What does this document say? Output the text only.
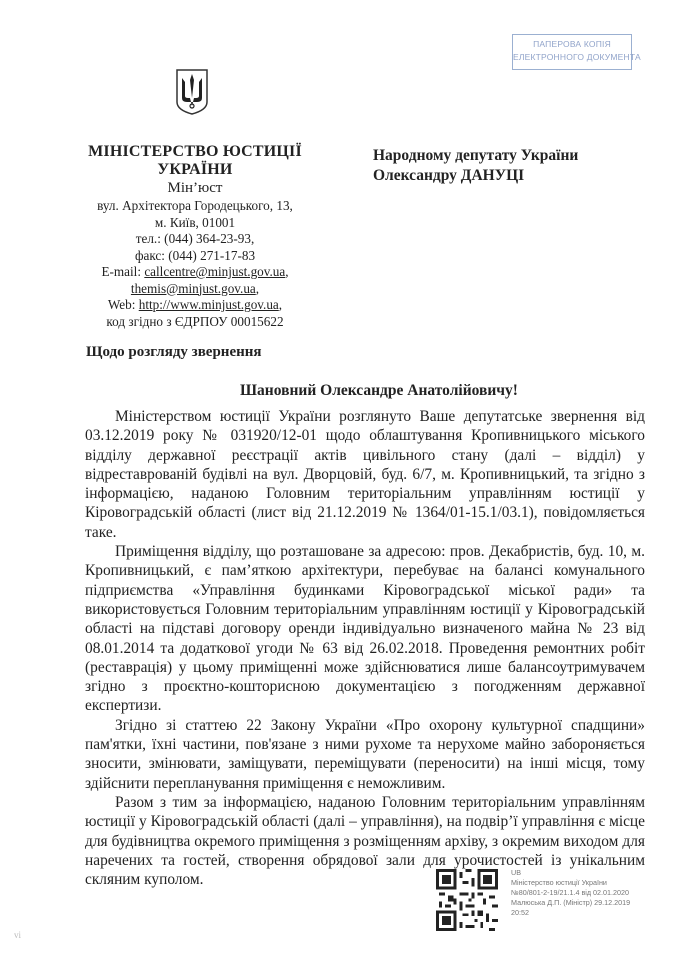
ПАПЕРОВА КОПІЯ
ЕЛЕКТРОННОГО ДОКУМЕНТА
МІНІСТЕРСТВО ЮСТИЦІЇ
УКРАЇНИ
Мін’юст
вул. Архітектора Городецького, 13,
м. Київ, 01001
тел.: (044) 364-23-93,
факс: (044) 271-17-83
E-mail: callcentre@minjust.gov.ua,
themis@minjust.gov.ua,
Web: http://www.minjust.gov.ua,
код згідно з ЄДРПОУ 00015622
Народному депутату України
Олександру ДАНУЦІ
Щодо розгляду звернення
Шановний Олександре Анатолійовичу!

Міністерством юстиції України розглянуто Ваше депутатське звернення від 03.12.2019 року № 031920/12-01 щодо облаштування Кропивницького міського відділу державної реєстрації актів цивільного стану (далі – відділ) у відреставрованій будівлі на вул. Дворцовій, буд. 6/7, м. Кропивницький, та згідно з інформацією, наданою Головним територіальним управлінням юстиції у Кіровоградській області (лист від 21.12.2019 № 1364/01-15.1/03.1), повідомляється таке.

Приміщення відділу, що розташоване за адресою: пров. Декабристів, буд. 10, м. Кропивницький, є пам’яткою архітектури, перебуває на балансі комунального підприємства «Управління будинками Кіровоградської міської ради» та використовується Головним територіальним управлінням юстиції у Кіровоградській області на підставі договору оренди індивідуально визначеного майна № 23 від 08.01.2014 та додаткової угоди № 63 від 26.02.2018. Проведення ремонтних робіт (реставрація) у цьому приміщенні може здійснюватися лише балансоутримувачем згідно з проєктно-кошторисною документацією з погодженням державної експертизи.

Згідно зі статтею 22 Закону України «Про охорону культурної спадщини» пам'ятки, їхні частини, пов'язане з ними рухоме та нерухоме майно забороняється зносити, змінювати, заміщувати, переміщувати (переносити) на інші місця, тому здійснити перепланування приміщення є неможливим.

Разом з тим за інформацією, наданою Головним територіальним управлінням юстиції у Кіровоградській області (далі – управління), на подвір’ї управління є місце для будівництва окремого приміщення з розміщенням архіву, з окремим виходом для наречених та гостей, створення обрядової зали для урочистостей із унікальним скляним куполом.	UB
Міністерство юстиції України
№80/801-2-19/21.1.4 від 02.01.2020
Малюська Д.П. (Міністр) 29.12.2019
20:52
vi
